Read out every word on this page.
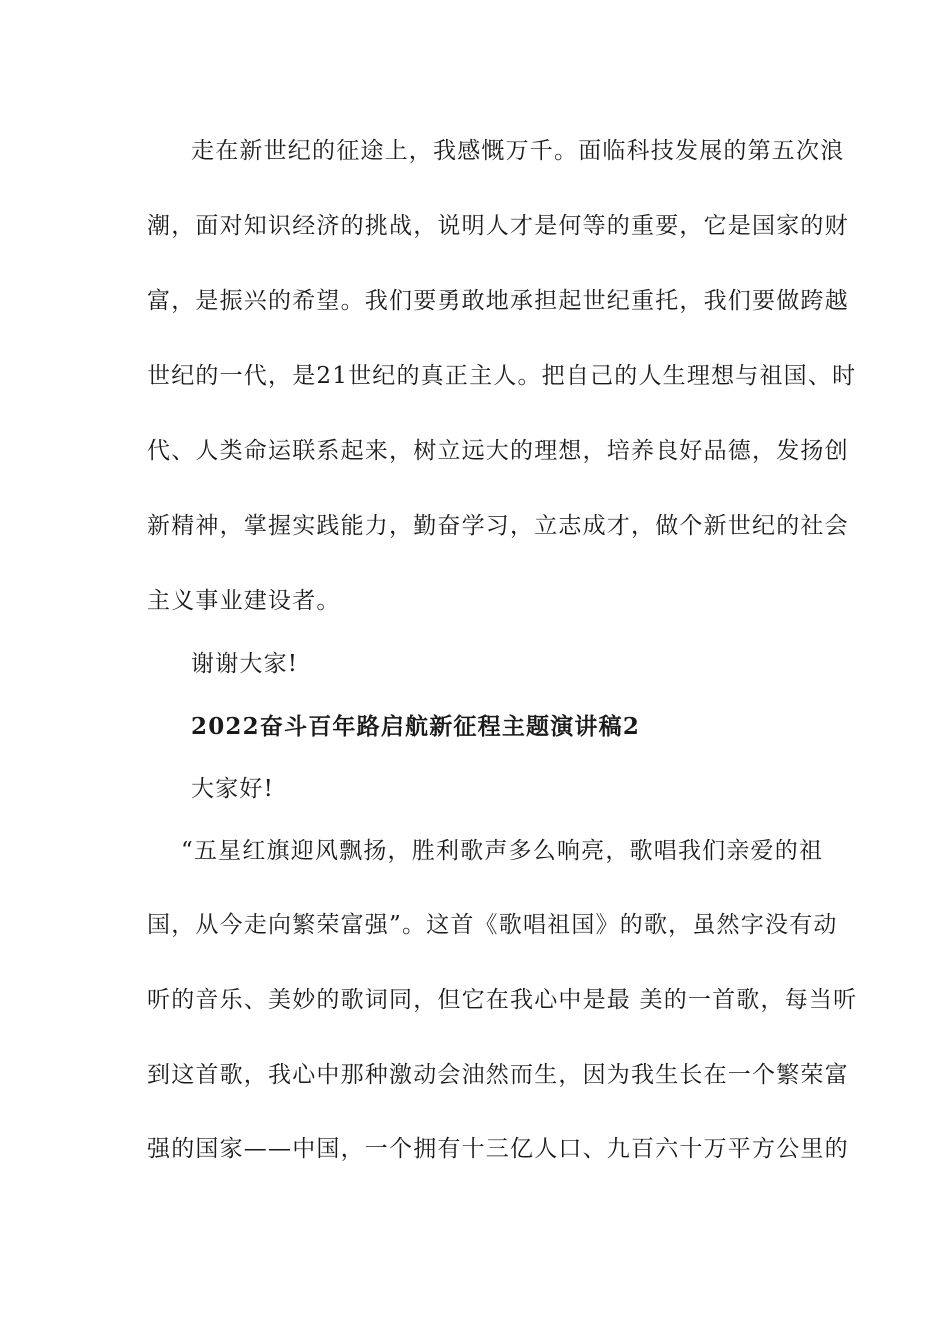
走在新世纪的征途上，我感慨万千。面临科技发展的第五次浪
潮，面对知识经济的挑战，说明人才是何等的重要，它是国家的财
富，是振兴的希望。我们要勇敢地承担起世纪重托，我们要做跨越
世纪的一代，是21世纪的真正主人。把自己的人生理想与祖国、时
代、人类命运联系起来，树立远大的理想，培养良好品德，发扬创
新精神，掌握实践能力，勤奋学习，立志成才，做个新世纪的社会
主义事业建设者。
谢谢大家!
2022奋斗百年路启航新征程主题演讲稿2
大家好!
“五星红旗迎风飘扬，胜利歌声多么响亮，歌唱我们亲爱的祖
国，从今走向繁荣富强”。这首《歌唱祖国》的歌，虽然字没有动
听的音乐、美妙的歌词同，但它在我心中是最 美的一首歌，每当听
到这首歌，我心中那种激动会油然而生，因为我生长在一个繁荣富
强的国家——中国，一个拥有十三亿人口、九百六十万平方公里的
